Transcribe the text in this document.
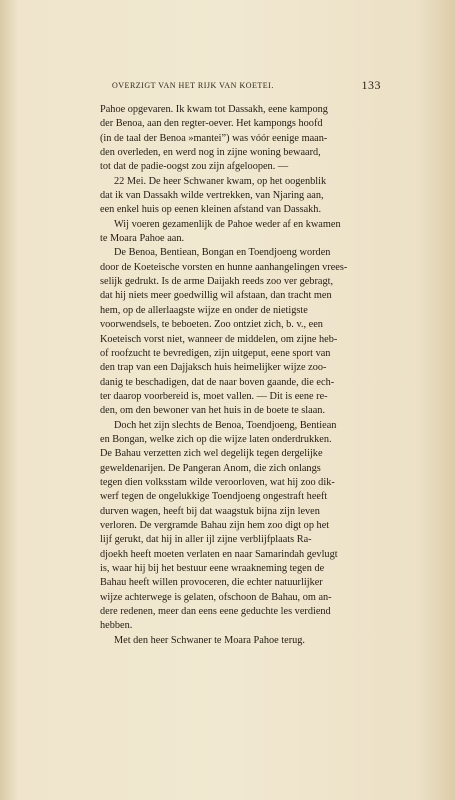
OVERZIGT VAN HET RIJK VAN KOETEI.	133
Pahoe opgevaren. Ik kwam tot Dassakh, eene kampong
der Benoa, aan den regter-oever. Het kampongs hoofd
(in de taal der Benoa »mantei”) was vóór eenige maan-
den overleden, en werd nog in zijne woning bewaard,
tot dat de padie-oogst zou zijn afgeloopen. —
22 Mei. De heer Schwaner kwam, op het oogenblik
dat ik van Dassakh wilde vertrekken, van Njaring aan,
een enkel huis op eenen kleinen afstand van Dassakh.
Wij voeren gezamenlijk de Pahoe weder af en kwamen
te Moara Pahoe aan.
De Benoa, Bentiean, Bongan en Toendjoeng worden
door de Koeteische vorsten en hunne aanhangelingen vrees-
selijk gedrukt. Is de arme Daijakh reeds zoo ver gebragt,
dat hij niets meer goedwillig wil afstaan, dan tracht men
hem, op de allerlaagste wijze en onder de nietigste
voorwendsels, te beboeten. Zoo ontziet zich, b. v., een
Koeteisch vorst niet, wanneer de middelen, om zijne heb-
of roofzucht te bevredigen, zijn uitgeput, eene sport van
den trap van een Dajjaksch huis heimelijker wijze zoo-
danig te beschadigen, dat de naar boven gaande, die ech-
ter daarop voorbereid is, moet vallen. — Dit is eene re-
den, om den bewoner van het huis in de boete te slaan.
Doch het zijn slechts de Benoa, Toendjoeng, Bentiean
en Bongan, welke zich op die wijze laten onderdrukken.
De Bahau verzetten zich wel degelijk tegen dergelijke
geweldenarijen. De Pangeran Anom, die zich onlangs
tegen dien volksstam wilde veroorloven, wat hij zoo dik-
werf tegen de ongelukkige Toendjoeng ongestraft heeft
durven wagen, heeft bij dat waagstuk bijna zijn leven
verloren. De vergramde Bahau zijn hem zoo digt op het
lijf gerukt, dat hij in aller ijl zijne verblijfplaats Ra-
djoekh heeft moeten verlaten en naar Samarindah gevlugt
is, waar hij bij het bestuur eene wraakneming tegen de
Bahau heeft willen provoceren, die echter natuurlijker
wijze achterwege is gelaten, ofschoon de Bahau, om an-
dere redenen, meer dan eens eene geduchte les verdiend
hebben.
Met den heer Schwaner te Moara Pahoe terug.
